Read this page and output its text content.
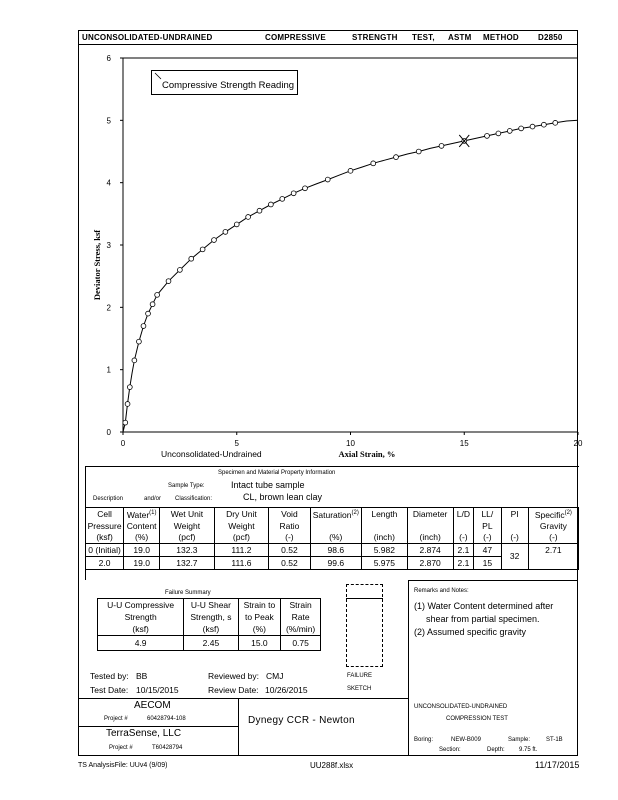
UNCONSOLIDATED-UNDRAINED	COMPRESSIVE	STRENGTH TEST, ASTM METHOD D2850
0
1
2
3
4
5
6
0	5	10	15	20
Deviator Stress, ksf
Unconsolidated-Undrained	Axial Strain, %
Compressive Strength Reading
Specimen and Material Property Information
Sample Type:	Intact tube sample
Description	and/or Classification:	CL, brown lean clay
Cell	Water$^{(1)}$	Wet Unit	Dry Unit	Void	Saturation$^{(2)}$	Length	Diameter	L/D	LL/	PI	Specific$^{(2)}$
Pressure	Content	Weight	Weight	Ratio					PL		Gravity
(ksf)	(%)	(pcf)	(pcf)	(-)	(%)	(inch)	(inch)	(-)	(-)	(-)	(-)
0 (Initial)	19.0	132.3	111.2	0.52	98.6	5.982	2.874	2.1	47	32	2.71
2.0	19.0	132.7	111.6	0.52	99.6	5.975	2.870	2.1	15		
Failure Summary
U-U Compressive	U-U Shear	Strain to	Strain
Strength	Strength, s	to Peak	Rate
(ksf)	(ksf)	(%)	(%/min)
4.9	2.45	15.0	0.75
FAILURE
SKETCH
Remarks and Notes:
(1) Water Content determined after
shear from partial specimen.
(2) Assumed specific gravity
Tested by: BB	Reviewed by: CMJ
Test Date: 10/15/2015	Review Date: 10/26/2015
AECOM
Project #	60428794-108
TerraSense, LLC
Project #	T60428794
Dynegy CCR - Newton
UNCONSOLIDATED-UNDRAINED
COMPRESSION TEST
Boring:	NEW-B009	Sample:	ST-1B
Section:	Depth: 9.75 ft.
TS AnalysisFile: UUv4 (9/09)	UU288f.xlsx	11/17/2015
